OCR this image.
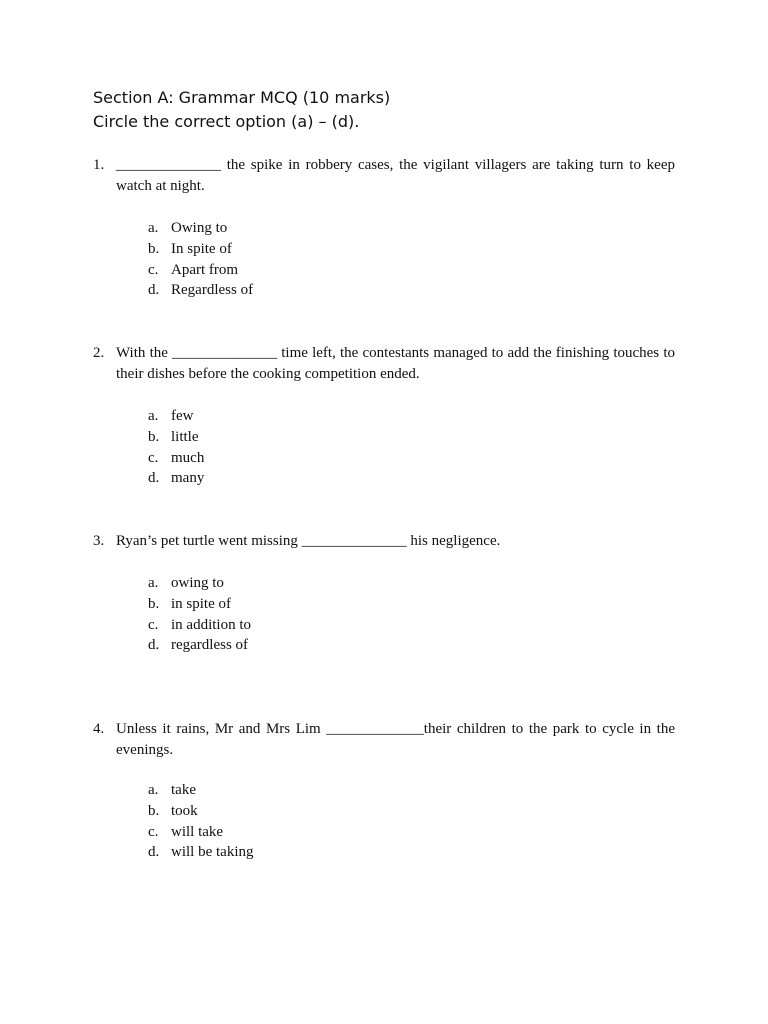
Section A: Grammar MCQ (10 marks)
Circle the correct option (a) – (d).
1. ______________ the spike in robbery cases, the vigilant villagers are taking turn to keep watch at night.
a. Owing to
b. In spite of
c. Apart from
d. Regardless of
2. With the ______________ time left, the contestants managed to add the finishing touches to their dishes before the cooking competition ended.
a. few
b. little
c. much
d. many
3. Ryan’s pet turtle went missing ______________ his negligence.
a. owing to
b. in spite of
c. in addition to
d. regardless of
4. Unless it rains, Mr and Mrs Lim _____________their children to the park to cycle in the evenings.
a. take
b. took
c. will take
d. will be taking
